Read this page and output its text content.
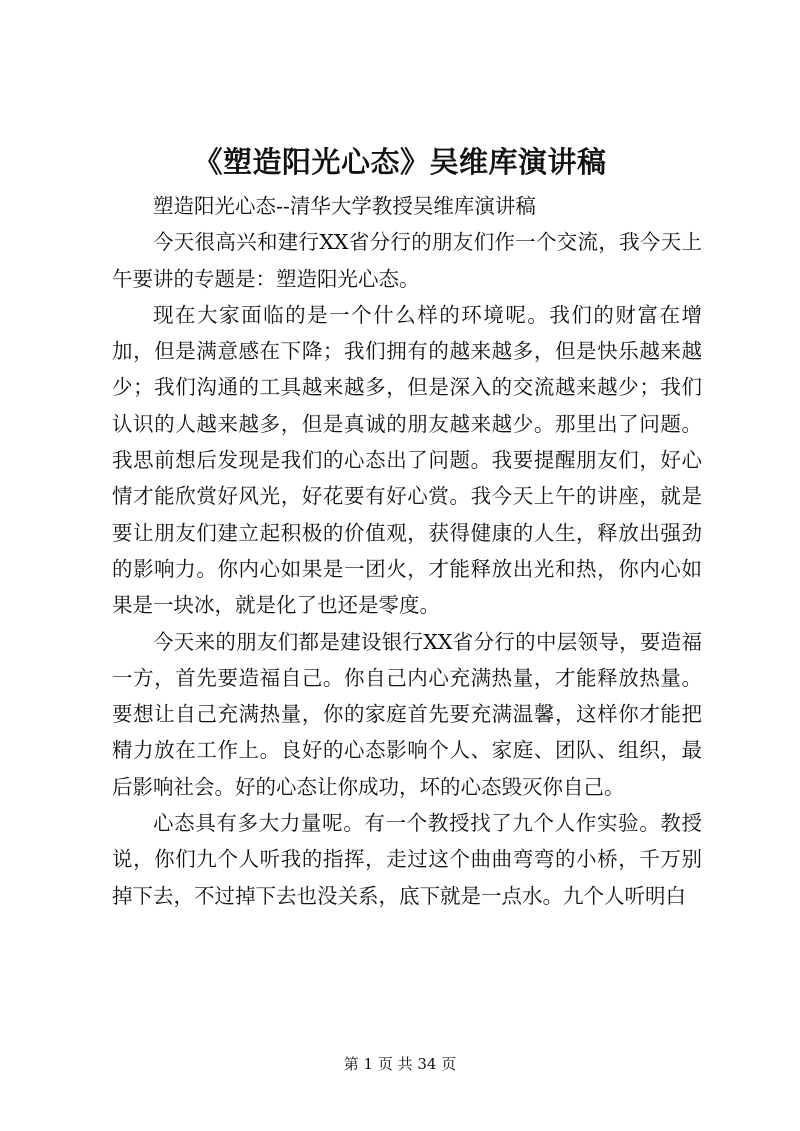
《塑造阳光心态》吴维库演讲稿

塑造阳光心态--清华大学教授吴维库演讲稿

今天很高兴和建行XX省分行的朋友们作一个交流，我今天上午要讲的专题是：塑造阳光心态。

现在大家面临的是一个什么样的环境呢。我们的财富在增加，但是满意感在下降；我们拥有的越来越多，但是快乐越来越少；我们沟通的工具越来越多，但是深入的交流越来越少；我们认识的人越来越多，但是真诚的朋友越来越少。那里出了问题。我思前想后发现是我们的心态出了问题。我要提醒朋友们，好心情才能欣赏好风光，好花要有好心赏。我今天上午的讲座，就是要让朋友们建立起积极的价值观，获得健康的人生，释放出强劲的影响力。你内心如果是一团火，才能释放出光和热，你内心如果是一块冰，就是化了也还是零度。

今天来的朋友们都是建设银行XX省分行的中层领导，要造福一方，首先要造福自己。你自己内心充满热量，才能释放热量。要想让自己充满热量，你的家庭首先要充满温馨，这样你才能把精力放在工作上。良好的心态影响个人、家庭、团队、组织，最后影响社会。好的心态让你成功，坏的心态毁灭你自己。

心态具有多大力量呢。有一个教授找了九个人作实验。教授说，你们九个人听我的指挥，走过这个曲曲弯弯的小桥，千万别掉下去，不过掉下去也没关系，底下就是一点水。九个人听明白

第 1 页 共 34 页
